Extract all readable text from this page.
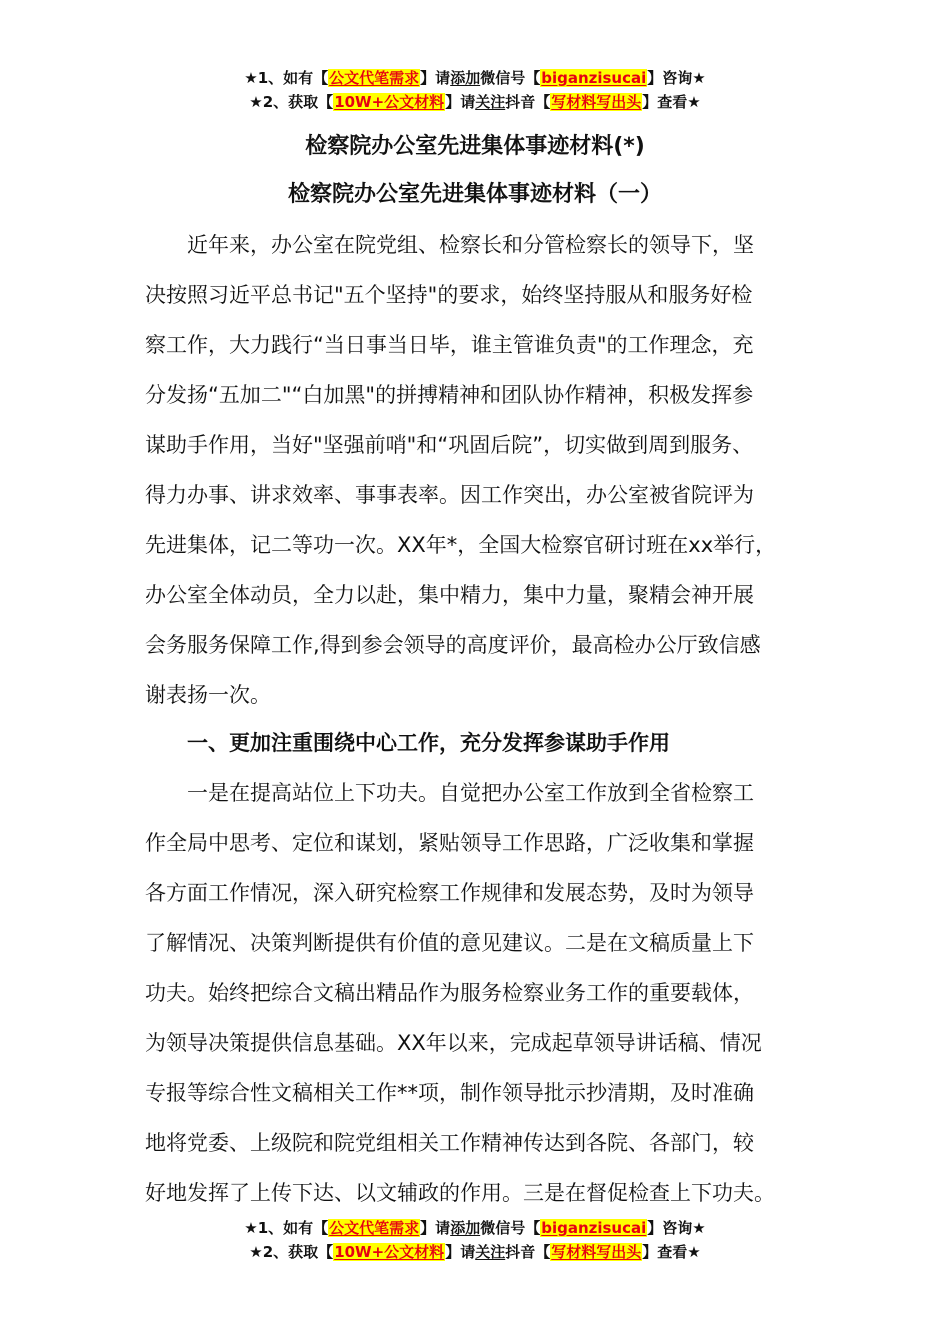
★1、如有【公文代笔需求】请添加微信号【biganzisucai】咨询★
★2、获取【10W+公文材料】请关注抖音【写材料写出头】查看★
检察院办公室先进集体事迹材料(*)
检察院办公室先进集体事迹材料（一）
　　近年来，办公室在院党组、检察长和分管检察长的领导下，坚
决按照习近平总书记"五个坚持"的要求，始终坚持服从和服务好检
察工作，大力践行“当日事当日毕，谁主管谁负责"的工作理念，充
分发扬“五加二"“白加黑"的拼搏精神和团队协作精神，积极发挥参
谋助手作用，当好"坚强前哨"和“巩固后院”，切实做到周到服务、
得力办事、讲求效率、事事表率。因工作突出，办公室被省院评为
先进集体，记二等功一次。XX年*，全国大检察官研讨班在xx举行，
办公室全体动员，全力以赴，集中精力，集中力量，聚精会神开展
会务服务保障工作,得到参会领导的高度评价，最高检办公厅致信感
谢表扬一次。
　　一、更加注重围绕中心工作，充分发挥参谋助手作用
　　一是在提高站位上下功夫。自觉把办公室工作放到全省检察工
作全局中思考、定位和谋划，紧贴领导工作思路，广泛收集和掌握
各方面工作情况，深入研究检察工作规律和发展态势，及时为领导
了解情况、决策判断提供有价值的意见建议。二是在文稿质量上下
功夫。始终把综合文稿出精品作为服务检察业务工作的重要载体，
为领导决策提供信息基础。XX年以来，完成起草领导讲话稿、情况
专报等综合性文稿相关工作**项，制作领导批示抄清期，及时准确
地将党委、上级院和院党组相关工作精神传达到各院、各部门，较
好地发挥了上传下达、以文辅政的作用。三是在督促检查上下功夫。
★1、如有【公文代笔需求】请添加微信号【biganzisucai】咨询★
★2、获取【10W+公文材料】请关注抖音【写材料写出头】查看★
